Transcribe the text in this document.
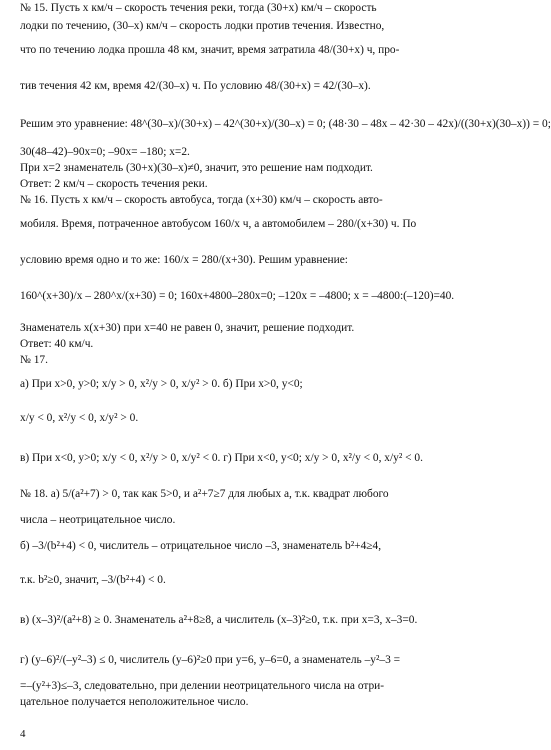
№ 15. Пусть x км/ч – скорость течения реки, тогда (30+x) км/ч – скорость
лодки по течению, (30–x) км/ч – скорость лодки против течения. Известно,
что по течению лодка прошла 48 км, значит, время затратила 48/(30+x) ч, про-
тив течения 42 км, время 42/(30–x) ч. По условию 48/(30+x) = 42/(30–x).
Решим это уравнение: 48^(30–x)/(30+x) – 42^(30+x)/(30–x) = 0; (48·30 – 48x – 42·30 – 42x)/((30+x)(30–x)) = 0;
30(48–42)–90x=0; –90x= –180; x=2.
При x=2 знаменатель (30+x)(30–x)≠0, значит, это решение нам подходит.
Ответ: 2 км/ч – скорость течения реки.
№ 16. Пусть x км/ч – скорость автобуса, тогда (x+30) км/ч – скорость авто-
мобиля. Время, потраченное автобусом 160/x ч, а автомобилем – 280/(x+30) ч. По
условию время одно и то же: 160/x = 280/(x+30). Решим уравнение:
160^(x+30)/x – 280^x/(x+30) = 0; 160x+4800–280x=0; –120x = –4800; x = –4800:(–120)=40.
Знаменатель x(x+30) при x=40 не равен 0, значит, решение подходит.
Ответ: 40 км/ч.
№ 17.
а) При x>0, y>0; x/y > 0, x²/y > 0, x/y² > 0. б) При x>0, y<0;
x/y < 0, x²/y < 0, x/y² > 0.
в) При x<0, y>0; x/y < 0, x²/y > 0, x/y² < 0. г) При x<0, y<0; x/y > 0, x²/y < 0, x/y² < 0.
№ 18. а) 5/(a²+7) > 0, так как 5>0, и a²+7≥7 для любых a, т.к. квадрат любого
числа – неотрицательное число.
б) –3/(b²+4) < 0, числитель – отрицательное число –3, знаменатель b²+4≥4,
т.к. b²≥0, значит, –3/(b²+4) < 0.
в) (x–3)²/(a²+8) ≥ 0. Знаменатель a²+8≥8, а числитель (x–3)²≥0, т.к. при x=3, x–3=0.
г) (y–6)²/(–y²–3) ≤ 0, числитель (y–6)²≥0 при y=6, y–6=0, а знаменатель –y²–3 =
=–(y²+3)≤–3, следовательно, при делении неотрицательного числа на отри-
цательное получается неположительное число.
4
